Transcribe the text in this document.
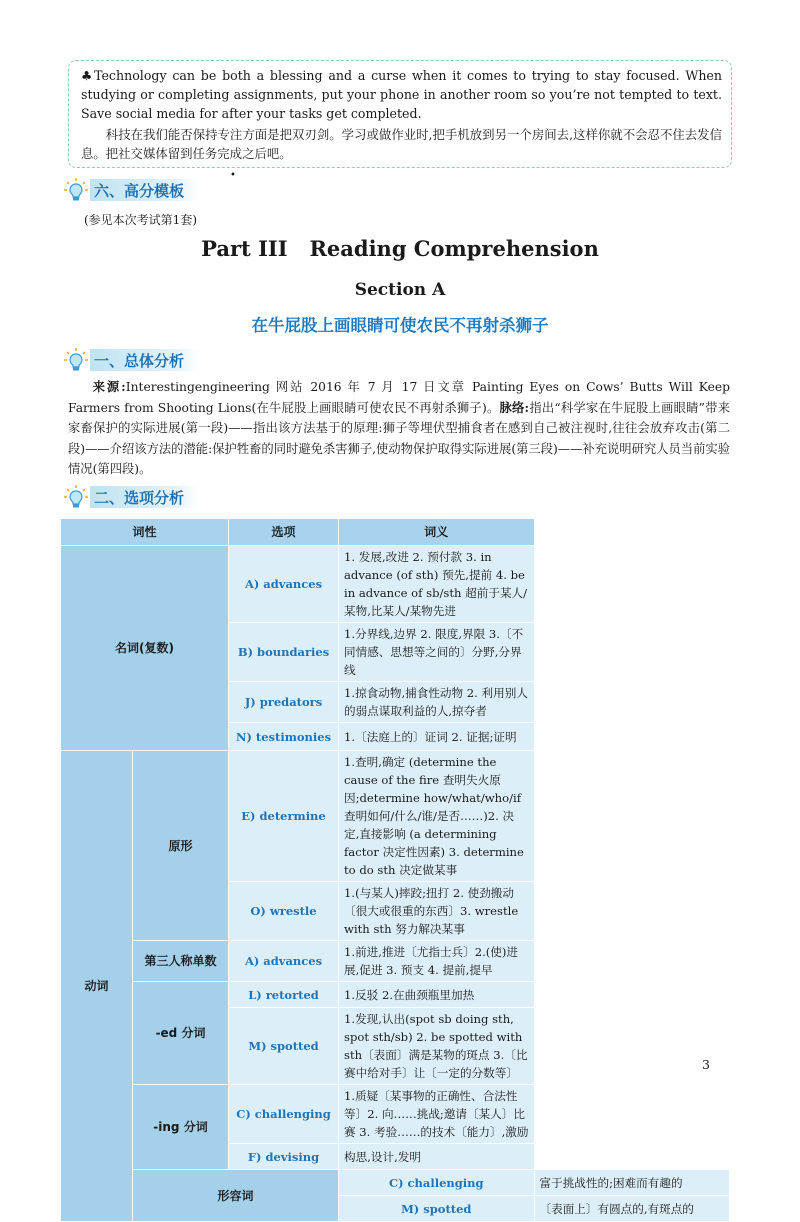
♣Technology can be both a blessing and a curse when it comes to trying to stay focused. When studying or completing assignments, put your phone in another room so you’re not tempted to text. Save social media for after your tasks get completed.

科技在我们能否保持专注方面是把双刃剑。学习或做作业时,把手机放到另一个房间去,这样你就不会忍不住去发信息。把社交媒体留到任务完成之后吧。

•
六、高分模板
(参见本次考试第1套)
Part III   Reading Comprehension
Section A
在牛屁股上画眼睛可使农民不再射杀狮子
一、总体分析

来源:Interestingengineering 网站 2016 年 7 月 17 日文章 Painting Eyes on Cows’ Butts Will Keep Farmers from Shooting Lions(在牛屁股上画眼睛可使农民不再射杀狮子)。脉络:指出“科学家在牛屁股上画眼睛”带来家畜保护的实际进展(第一段)——指出该方法基于的原理:狮子等埋伏型捕食者在感到自己被注视时,往往会放弃攻击(第二段)——介绍该方法的潜能:保护牲畜的同时避免杀害狮子,使动物保护取得实际进展(第三段)——补充说明研究人员当前实验情况(第四段)。

二、选项分析
词性		选项	词义	
名词(复数)		A) advances	1. 发展,改进 2. 预付款 3. in advance (of sth) 预先,提前 4. be in advance of sb/sth 超前于某人/某物,比某人/某物先进	
		B) boundaries	1.分界线,边界 2. 限度,界限 3.〔不同情感、思想等之间的〕分野,分界线	
		J) predators	1.掠食动物,捕食性动物 2. 利用别人的弱点谋取利益的人,掠夺者	
		N) testimonies	1.〔法庭上的〕证词 2. 证据;证明	
动词	原形	E) determine	1.查明,确定 (determine the cause of the fire 查明失火原因;determine how/what/who/if 查明如何/什么/谁/是否……)2. 决定,直接影响 (a determining factor 决定性因素) 3. determine to do sth 决定做某事	
		O) wrestle	1.(与某人)摔跤;扭打 2. 使劲搬动〔很大或很重的东西〕3. wrestle with sth 努力解决某事	
	第三人称单数	A) advances	1.前进,推进〔尤指士兵〕2.(使)进展,促进 3. 预支 4. 提前,提早	
	-ed 分词	L) retorted	1.反驳 2.在曲颈瓶里加热	
		M) spotted	1.发现,认出(spot sb doing sth, spot sth/sb) 2. be spotted with sth〔表面〕满是某物的斑点 3.〔比赛中给对手〕让〔一定的分数等〕	
	-ing 分词	C) challenging	1.质疑〔某事物的正确性、合法性等〕2. 向……挑战;邀请〔某人〕比赛 3. 考验……的技术〔能力〕,激励	
		F) devising	构思,设计,发明	
	形容词		C) challenging	富于挑战性的;困难而有趣的
			M) spotted	〔表面上〕有圆点的,有斑点的
3
